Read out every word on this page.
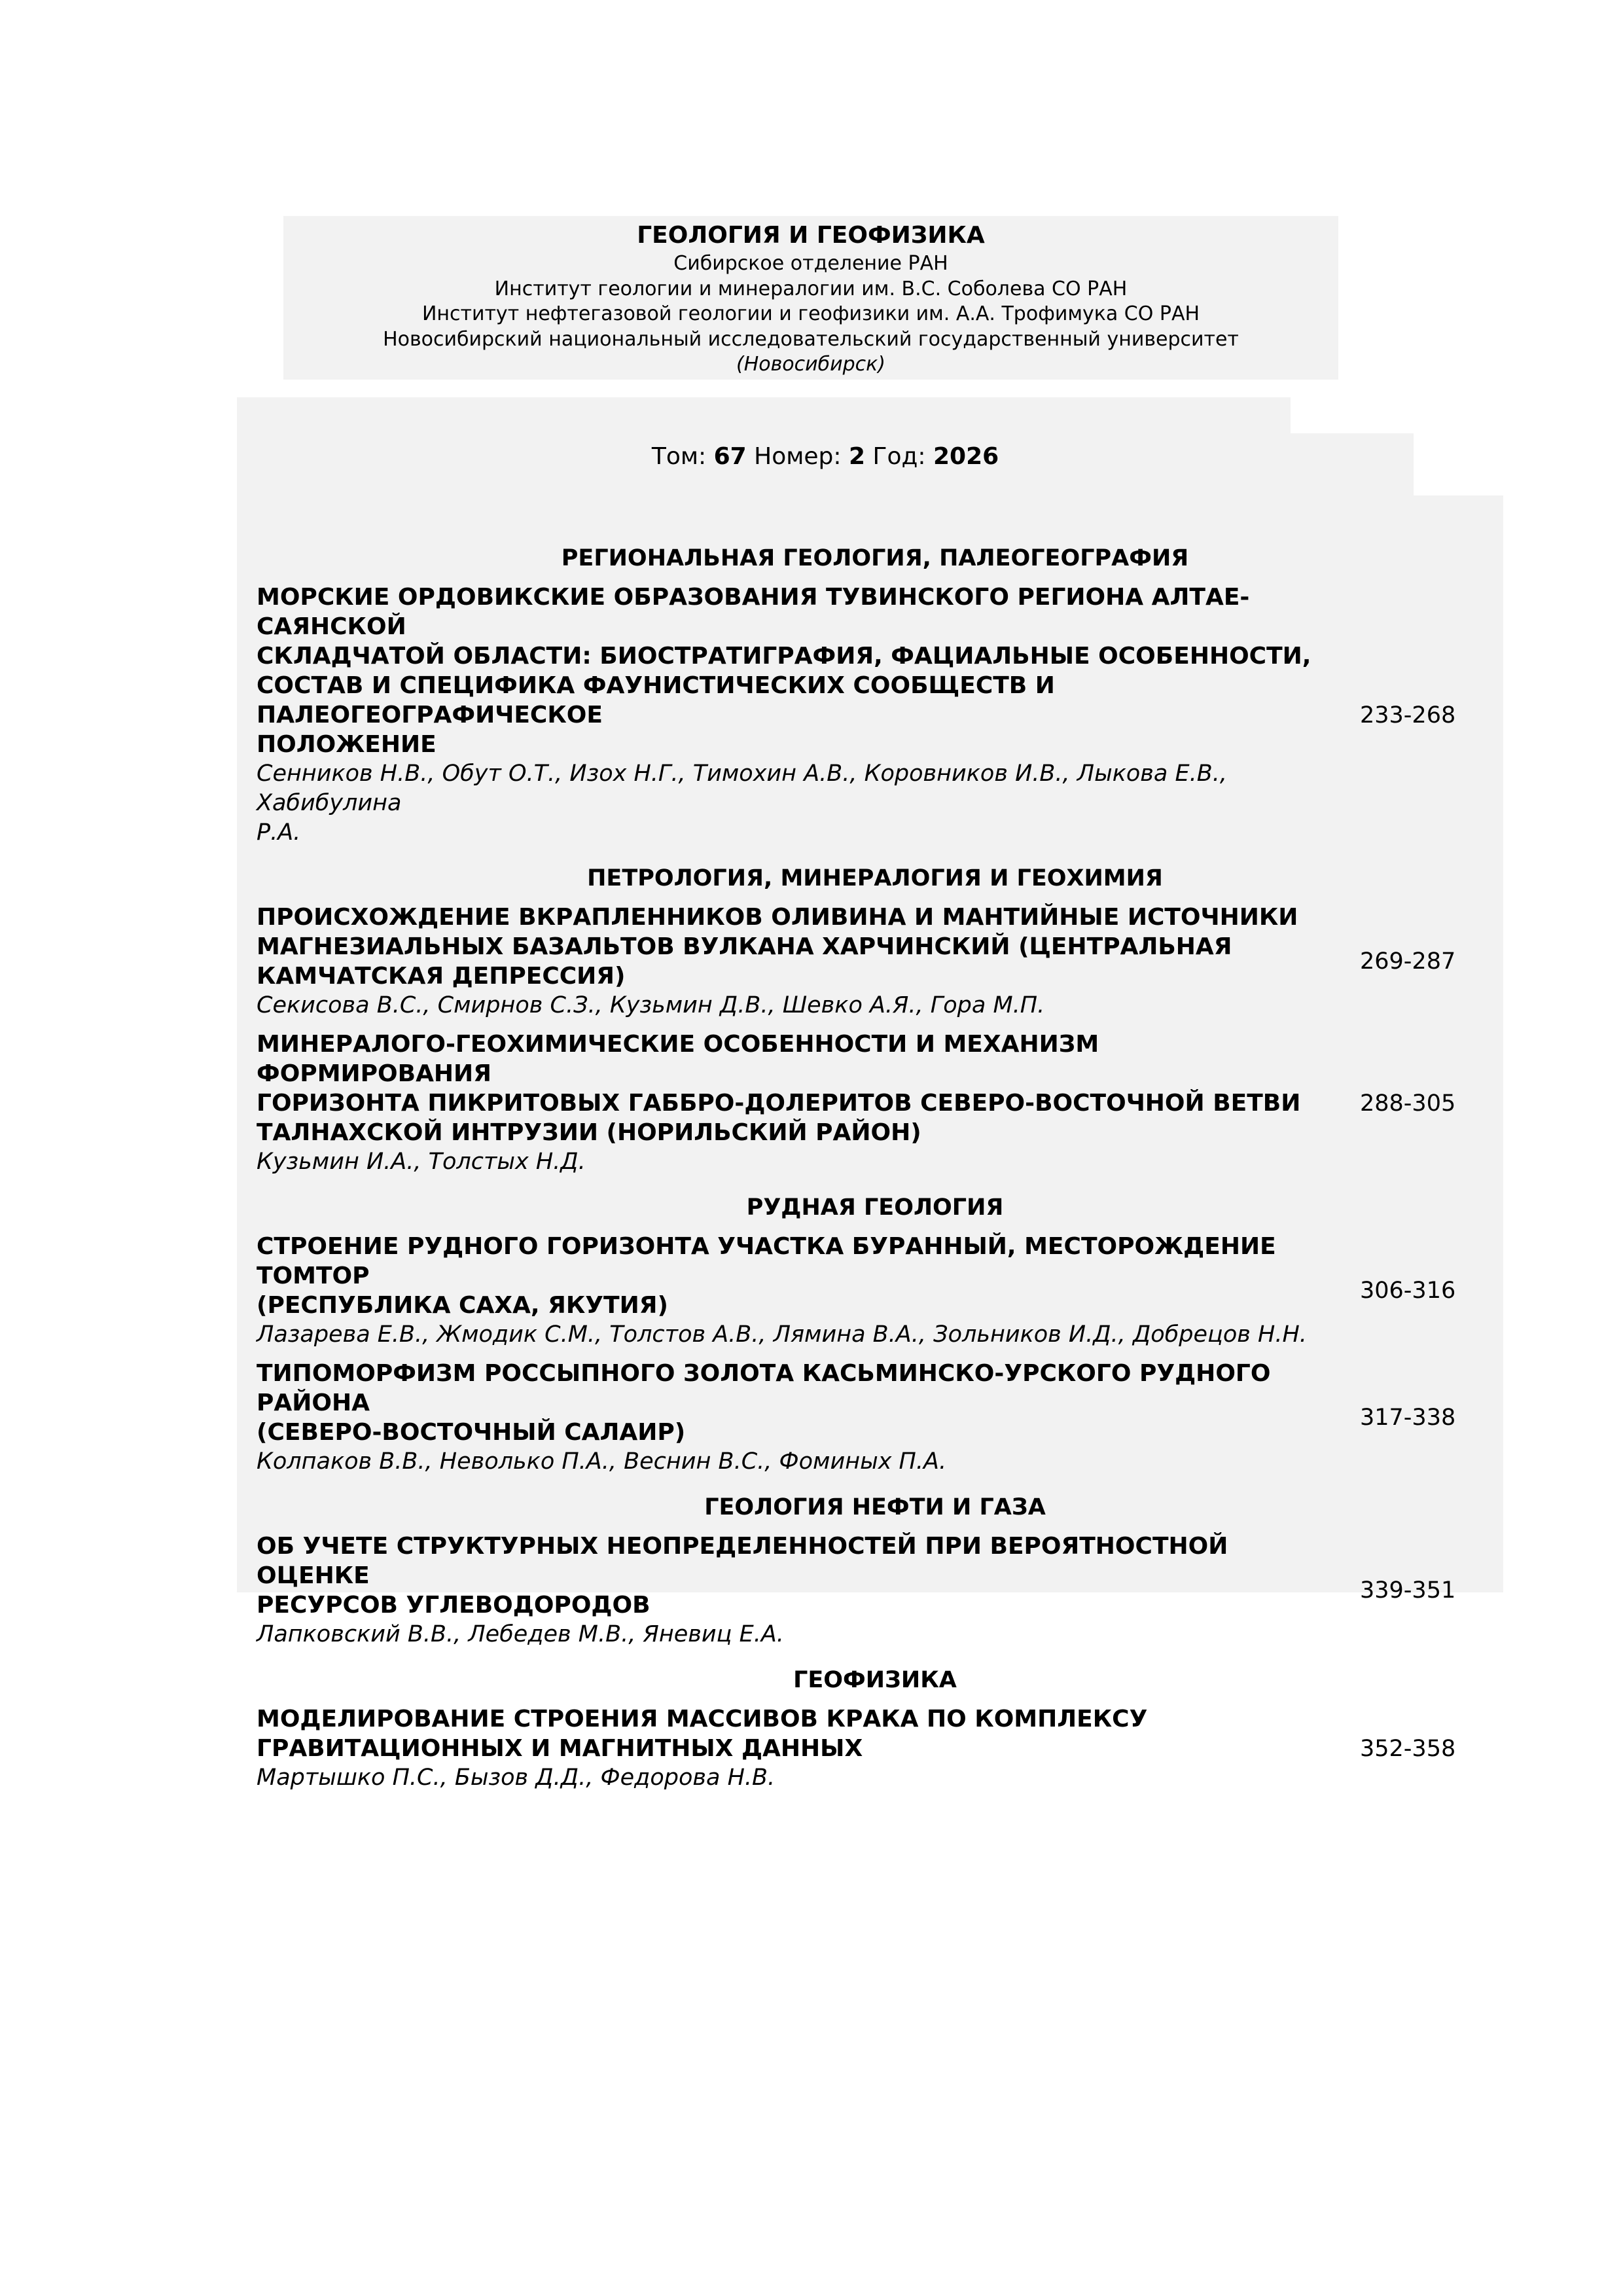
ГЕОЛОГИЯ И ГЕОФИЗИКА
Сибирское отделение РАН
Институт геологии и минералогии им. В.С. Соболева СО РАН
Институт нефтегазовой геологии и геофизики им. А.А. Трофимука СО РАН
Новосибирский национальный исследовательский государственный университет
(Новосибирск)
Том: 67 Номер: 2 Год: 2026
РЕГИОНАЛЬНАЯ ГЕОЛОГИЯ, ПАЛЕОГЕОГРАФИЯ
МОРСКИЕ ОРДОВИКСКИЕ ОБРАЗОВАНИЯ ТУВИНСКОГО РЕГИОНА АЛТАЕ-САЯНСКОЙ
СКЛАДЧАТОЙ ОБЛАСТИ: БИОСТРАТИГРАФИЯ, ФАЦИАЛЬНЫЕ ОСОБЕННОСТИ,
СОСТАВ И СПЕЦИФИКА ФАУНИСТИЧЕСКИХ СООБЩЕСТВ И ПАЛЕОГЕОГРАФИЧЕСКОЕ
ПОЛОЖЕНИЕ
Сенников Н.В., Обут О.Т., Изох Н.Г., Тимохин А.В., Коровников И.В., Лыкова Е.В., Хабибулина
Р.А.
233-268
ПЕТРОЛОГИЯ, МИНЕРАЛОГИЯ И ГЕОХИМИЯ
ПРОИСХОЖДЕНИЕ ВКРАПЛЕННИКОВ ОЛИВИНА И МАНТИЙНЫЕ ИСТОЧНИКИ
МАГНЕЗИАЛЬНЫХ БАЗАЛЬТОВ ВУЛКАНА ХАРЧИНСКИЙ (ЦЕНТРАЛЬНАЯ
КАМЧАТСКАЯ ДЕПРЕССИЯ)
Секисова В.С., Смирнов С.З., Кузьмин Д.В., Шевко А.Я., Гора М.П.
269-287
МИНЕРАЛОГО-ГЕОХИМИЧЕСКИЕ ОСОБЕННОСТИ И МЕХАНИЗМ ФОРМИРОВАНИЯ
ГОРИЗОНТА ПИКРИТОВЫХ ГАББРО-ДОЛЕРИТОВ СЕВЕРО-ВОСТОЧНОЙ ВЕТВИ
ТАЛНАХСКОЙ ИНТРУЗИИ (НОРИЛЬСКИЙ РАЙОН)
Кузьмин И.А., Толстых Н.Д.
288-305
РУДНАЯ ГЕОЛОГИЯ
СТРОЕНИЕ РУДНОГО ГОРИЗОНТА УЧАСТКА БУРАННЫЙ, МЕСТОРОЖДЕНИЕ ТОМТОР
(РЕСПУБЛИКА САХА, ЯКУТИЯ)
Лазарева Е.В., Жмодик С.М., Толстов А.В., Лямина В.А., Зольников И.Д., Добрецов Н.Н.
306-316
ТИПОМОРФИЗМ РОССЫПНОГО ЗОЛОТА КАСЬМИНСКО-УРСКОГО РУДНОГО РАЙОНА
(СЕВЕРО-ВОСТОЧНЫЙ САЛАИР)
Колпаков В.В., Неволько П.А., Веснин В.С., Фоминых П.А.
317-338
ГЕОЛОГИЯ НЕФТИ И ГАЗА
ОБ УЧЕТЕ СТРУКТУРНЫХ НЕОПРЕДЕЛЕННОСТЕЙ ПРИ ВЕРОЯТНОСТНОЙ ОЦЕНКЕ
РЕСУРСОВ УГЛЕВОДОРОДОВ
Лапковский В.В., Лебедев М.В., Яневиц Е.А.
339-351
ГЕОФИЗИКА
МОДЕЛИРОВАНИЕ СТРОЕНИЯ МАССИВОВ КРАКА ПО КОМПЛЕКСУ
ГРАВИТАЦИОННЫХ И МАГНИТНЫХ ДАННЫХ
Мартышко П.С., Бызов Д.Д., Федорова Н.В.
352-358
